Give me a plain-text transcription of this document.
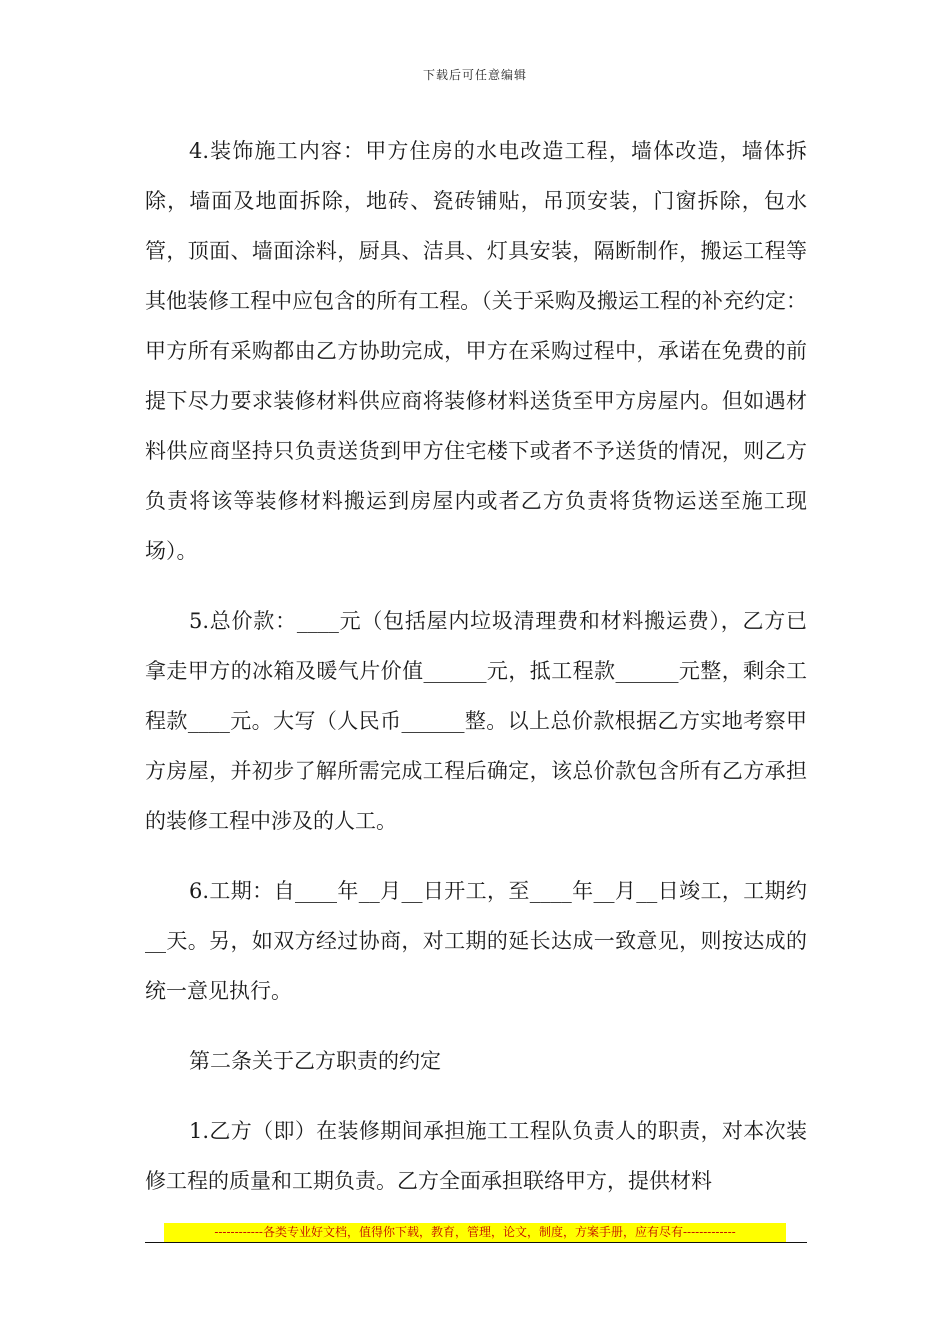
下载后可任意编辑

4.装饰施工内容：甲方住房的水电改造工程，墙体改造，墙体拆除，墙面及地面拆除，地砖、瓷砖铺贴，吊顶安装，门窗拆除，包水管，顶面、墙面涂料，厨具、洁具、灯具安装，隔断制作，搬运工程等其他装修工程中应包含的所有工程。（关于采购及搬运工程的补充约定：甲方所有采购都由乙方协助完成，甲方在采购过程中，承诺在免费的前提下尽力要求装修材料供应商将装修材料送货至甲方房屋内。但如遇材料供应商坚持只负责送货到甲方住宅楼下或者不予送货的情况，则乙方负责将该等装修材料搬运到房屋内或者乙方负责将货物运送至施工现场）。

5.总价款：____元（包括屋内垃圾清理费和材料搬运费），乙方已拿走甲方的冰箱及暖气片价值______元，抵工程款______元整，剩余工程款____元。大写（人民币______整。以上总价款根据乙方实地考察甲方房屋，并初步了解所需完成工程后确定，该总价款包含所有乙方承担的装修工程中涉及的人工。

6.工期：自____年__月__日开工，至____年__月__日竣工，工期约__天。另，如双方经过协商，对工期的延长达成一致意见，则按达成的统一意见执行。

第二条关于乙方职责的约定

1.乙方（即）在装修期间承担施工工程队负责人的职责，对本次装修工程的质量和工期负责。乙方全面承担联络甲方，提供材料

------------各类专业好文档，值得你下载，教育，管理，论文，制度，方案手册，应有尽有-------------
